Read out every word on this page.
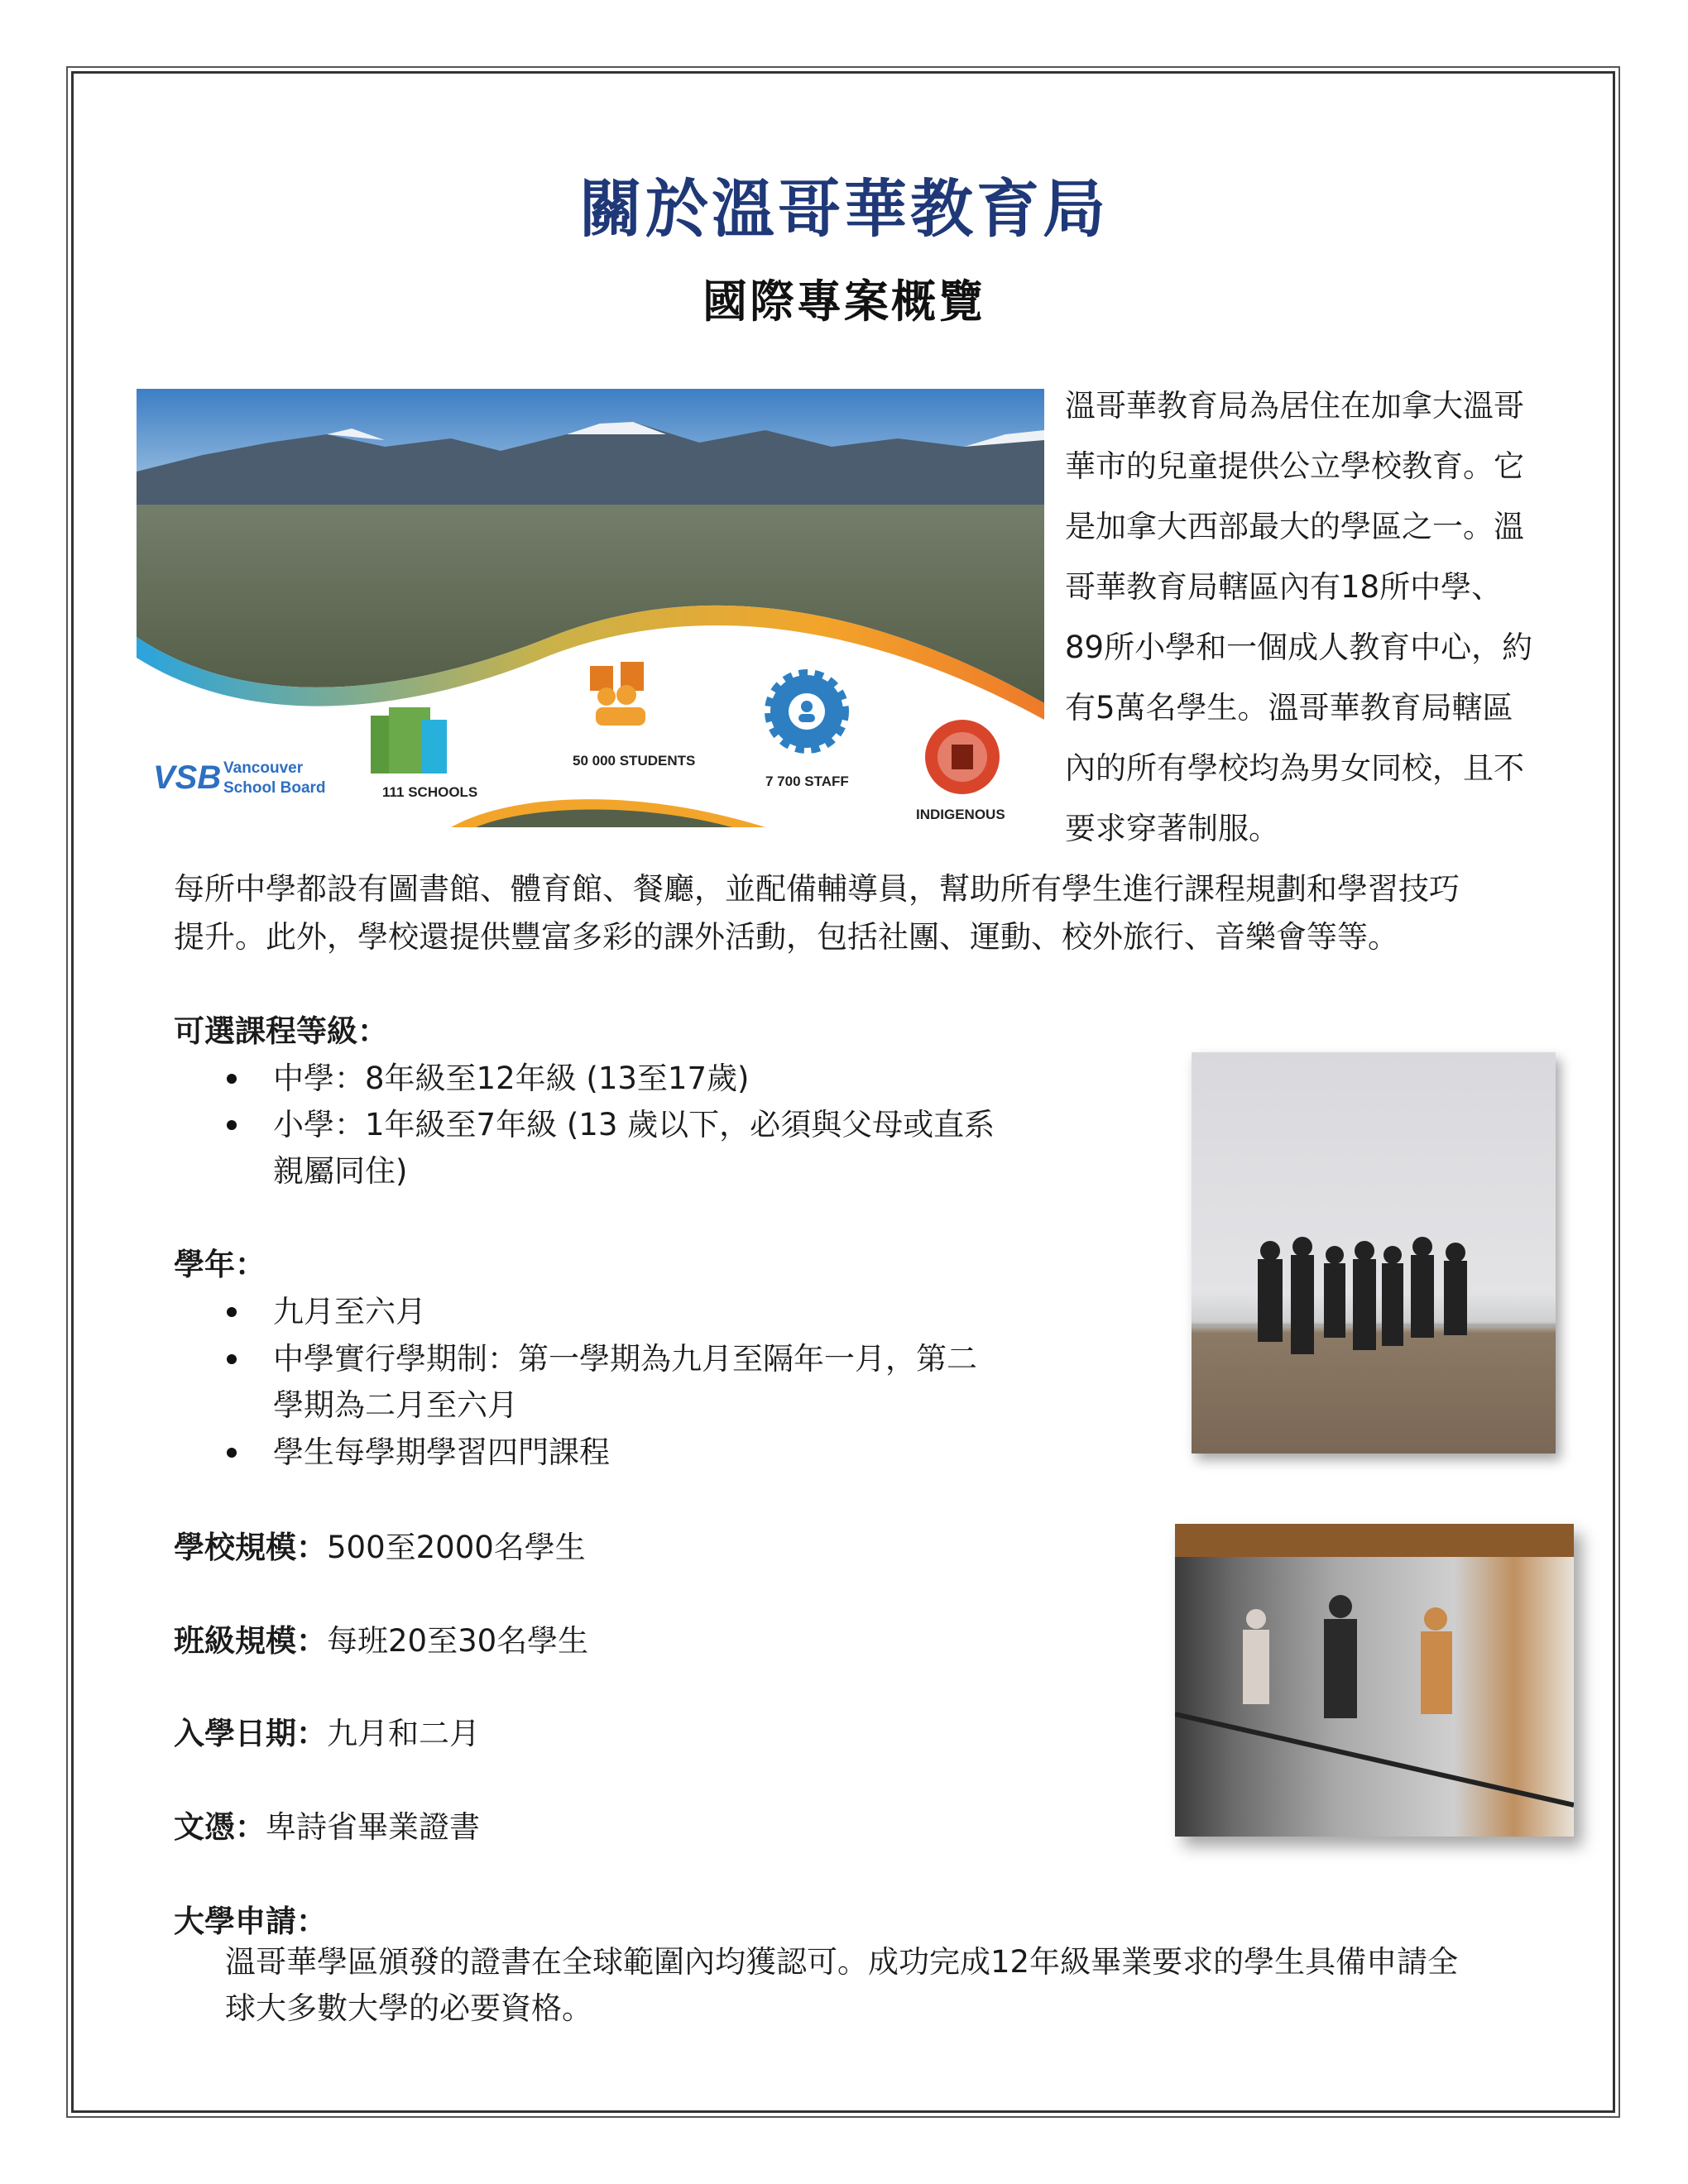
關於溫哥華教育局
國際專案概覽
VSB Vancouver
School Board	111 SCHOOLS
50 000 STUDENTS
7 700 STAFF
INDIGENOUS
溫哥華教育局為居住在加拿大溫哥
華市的兒童提供公立學校教育。它
是加拿大西部最大的學區之一。溫
哥華教育局轄區內有18所中學、
89所小學和一個成人教育中心，約
有5萬名學生。溫哥華教育局轄區
內的所有學校均為男女同校，且不
要求穿著制服。
每所中學都設有圖書館、體育館、餐廳，並配備輔導員，幫助所有學生進行課程規劃和學習技巧
提升。此外，學校還提供豐富多彩的課外活動，包括社團、運動、校外旅行、音樂會等等。
可選課程等級：
中學：8年級至12年級 (13至17歲)
小學：1年級至7年級 (13 歲以下，必須與父母或直系
親屬同住)
學年：
九月至六月
中學實行學期制：第一學期為九月至隔年一月，第二
學期為二月至六月
學生每學期學習四門課程
學校規模：500至2000名學生
班級規模：每班20至30名學生
入學日期：九月和二月
文憑：卑詩省畢業證書
大學申請：
溫哥華學區頒發的證書在全球範圍內均獲認可。成功完成12年級畢業要求的學生具備申請全
球大多數大學的必要資格。
